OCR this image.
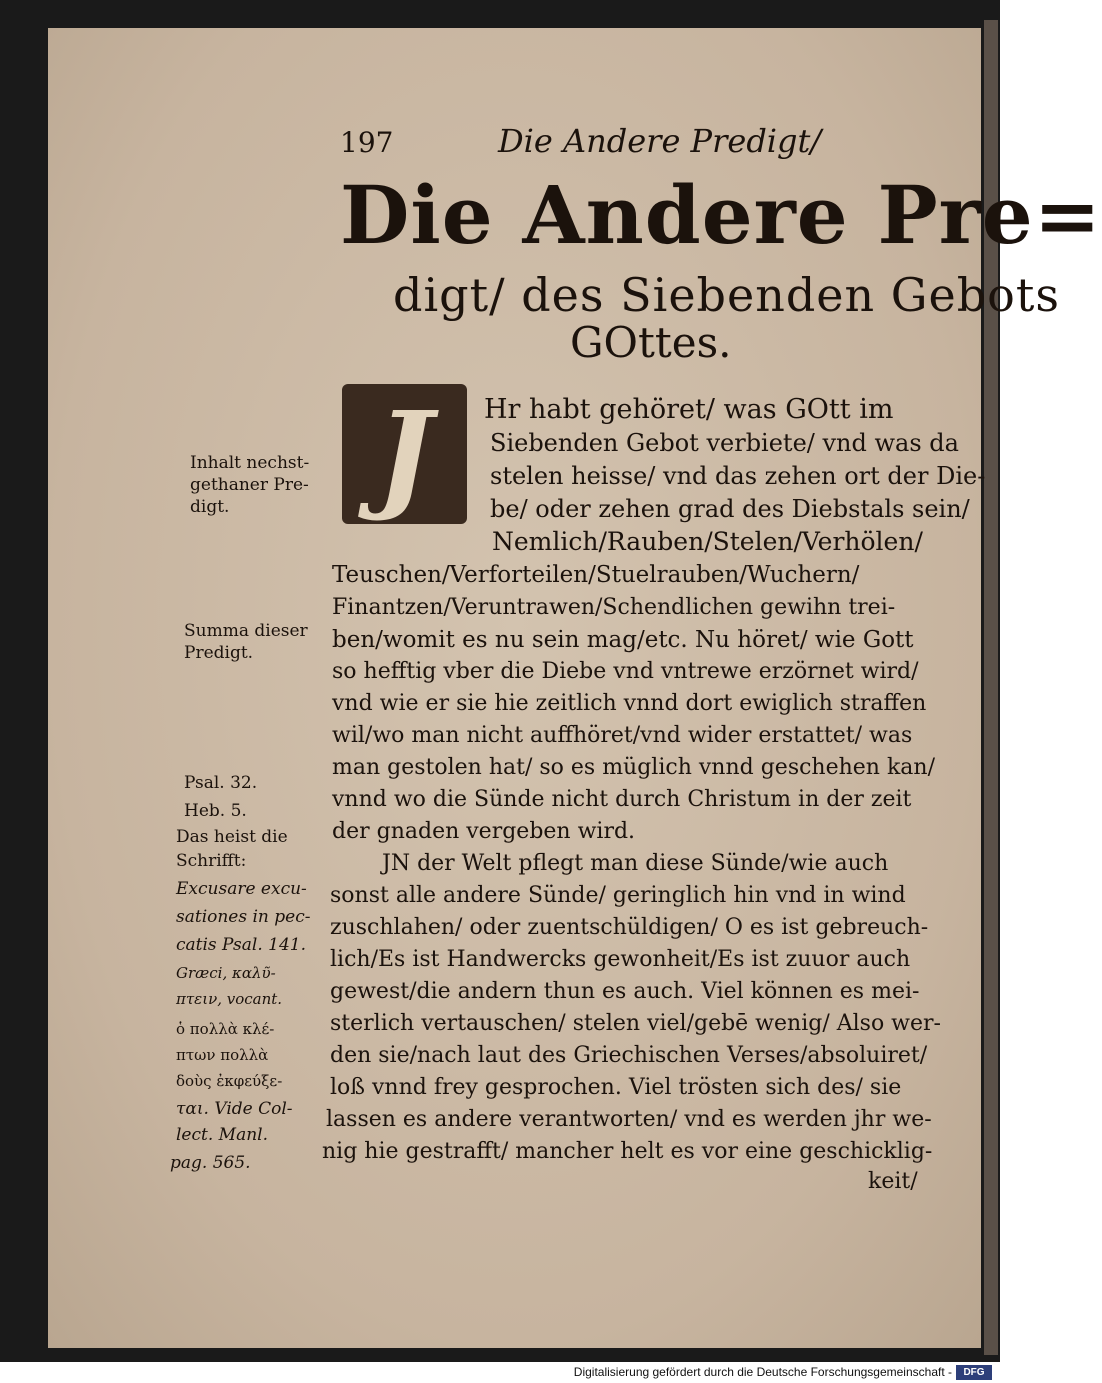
197	Die Andere Predigt/
Die Andere Pre=
digt/ des Siebenden Gebots
GOttes.
J Hr habt gehöret/ was GOtt im
Siebenden Gebot verbiete/ vnd was da
stelen heisse/ vnd das zehen ort der Die-
be/ oder zehen grad des Diebstals sein/
Nemlich/Rauben/Stelen/Verhölen/
Teuschen/Verforteilen/Stuelrauben/Wuchern/
Finantzen/Veruntrawen/Schendlichen gewihn trei-
ben/womit es nu sein mag/etc. Nu höret/ wie Gott
so hefftig vber die Diebe vnd vntrewe erzörnet wird/
vnd wie er sie hie zeitlich vnnd dort ewiglich straffen
wil/wo man nicht auffhöret/vnd wider erstattet/ was
man gestolen hat/ so es müglich vnnd geschehen kan/
vnnd wo die Sünde nicht durch Christum in der zeit
der gnaden vergeben wird.
JN der Welt pflegt man diese Sünde/wie auch
sonst alle andere Sünde/ geringlich hin vnd in wind
zuschlahen/ oder zuentschüldigen/ O es ist gebreuch-
lich/Es ist Handwercks gewonheit/Es ist zuuor auch
gewest/die andern thun es auch. Viel können es mei-
sterlich vertauschen/ stelen viel/gebē wenig/ Also wer-
den sie/nach laut des Griechischen Verses/absoluiret/
loß vnnd frey gesprochen. Viel trösten sich des/ sie
lassen es andere verantworten/ vnd es werden jhr we-
nig hie gestrafft/ mancher helt es vor eine geschicklig-
keit/
Inhalt nechst-
gethaner Pre-
digt.
Summa dieser
Predigt.
Psal. 32.
Heb. 5.
Das heist die
Schrifft:
Excusare excu-
sationes in pec-
catis Psal. 141.
Græci, καλῦ-
πτειν, vocant.
ὁ πολλὰ κλέ-
πτων πολλὰ
δοὺς ἐκφεύξε-
ται. Vide Col-
lect. Manl.
pag. 565.
Digitalisierung gefördert durch die Deutsche Forschungsgemeinschaft -	DFG
